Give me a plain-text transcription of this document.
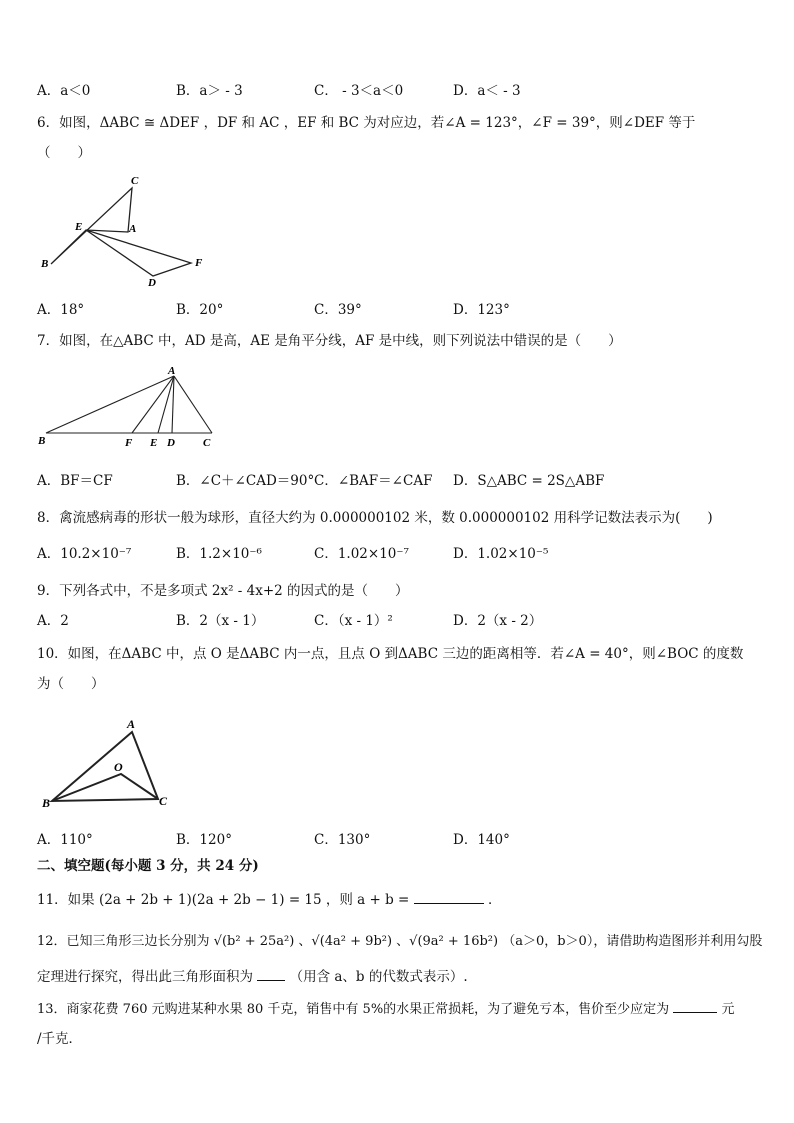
A．a＜0	B．a＞ - 3	C． - 3＜a＜0	D．a＜ - 3
6．如图，ΔABC ≅ ΔDEF ，DF 和 AC ，EF 和 BC 为对应边，若∠A = 123°，∠F = 39°，则∠DEF 等于
（　　）
C
E	A
B	F
D
A．18°	B．20°	C．39°	D．123°
7．如图，在△ABC 中，AD 是高，AE 是角平分线，AF 是中线，则下列说法中错误的是（　　）
A
B	F E D	C
A．BF＝CF	B．∠C＋∠CAD＝90° C．∠BAF＝∠CAF D．S△ABC = 2S△ABF
8．禽流感病毒的形状一般为球形，直径大约为 0.000000102 米，数 0.000000102 用科学记数法表示为(　　)
A．10.2×10⁻⁷	B．1.2×10⁻⁶	C．1.02×10⁻⁷	D．1.02×10⁻⁵
9．下列各式中，不是多项式 2x² - 4x+2 的因式的是（　　）
A．2	B．2（x - 1）	C．（x - 1）²	D．2（x - 2）
10．如图，在ΔABC 中，点 O 是ΔABC 内一点，且点 O 到ΔABC 三边的距离相等．若∠A = 40°，则∠BOC 的度数
为（　　）
A
O
B	C
A．110°	B．120°	C．130°	D．140°
二、填空题(每小题 3 分，共 24 分)
11．如果 (2a + 2b + 1)(2a + 2b − 1) = 15 ，则 a + b =	．
12．已知三角形三边长分别为 √(b² + 25a²) 、√(4a² + 9b²) 、√(9a² + 16b²) （a＞0，b＞0），请借助构造图形并利用勾股
定理进行探究，得出此三角形面积为	（用含 a、b 的代数式表示）.
13．商家花费 760 元购进某种水果 80 千克，销售中有 5%的水果正常损耗，为了避免亏本，售价至少应定为	元
/千克．
